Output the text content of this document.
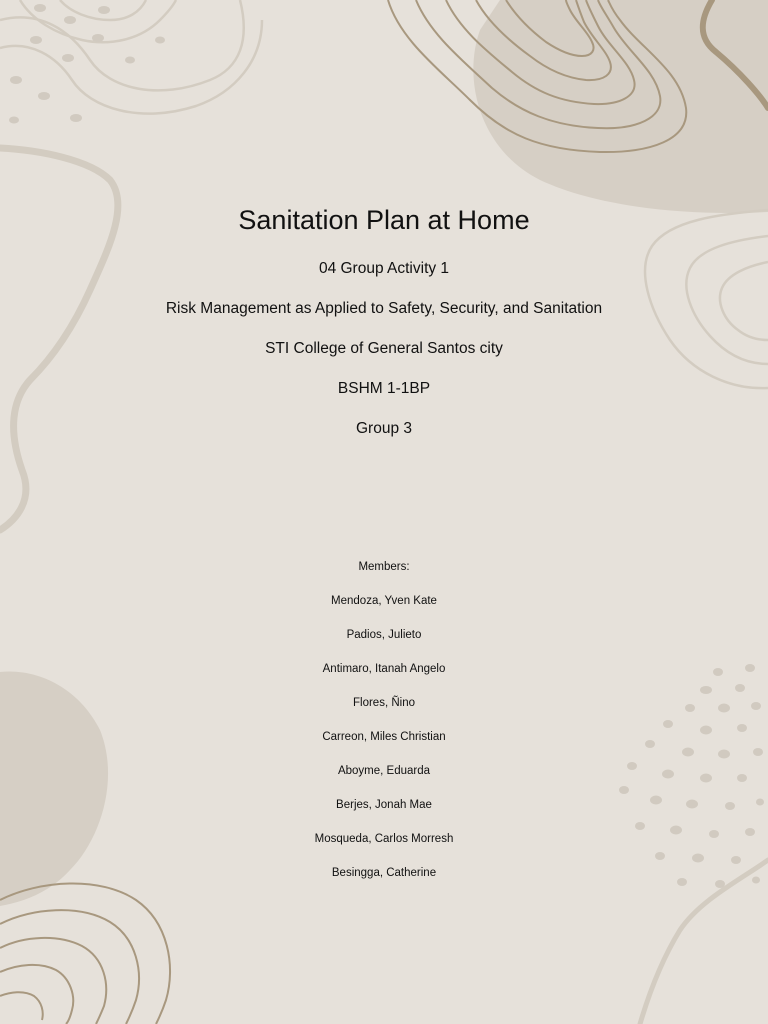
Sanitation Plan at Home
04 Group Activity 1
Risk Management as Applied to Safety, Security, and Sanitation
STI College of General Santos city
BSHM 1-1BP
Group 3
Members:
Mendoza, Yven Kate
Padios, Julieto
Antimaro, Itanah Angelo
Flores, Ñino
Carreon, Miles Christian
Aboyme, Eduarda
Berjes, Jonah Mae
Mosqueda, Carlos Morresh
Besingga, Catherine
